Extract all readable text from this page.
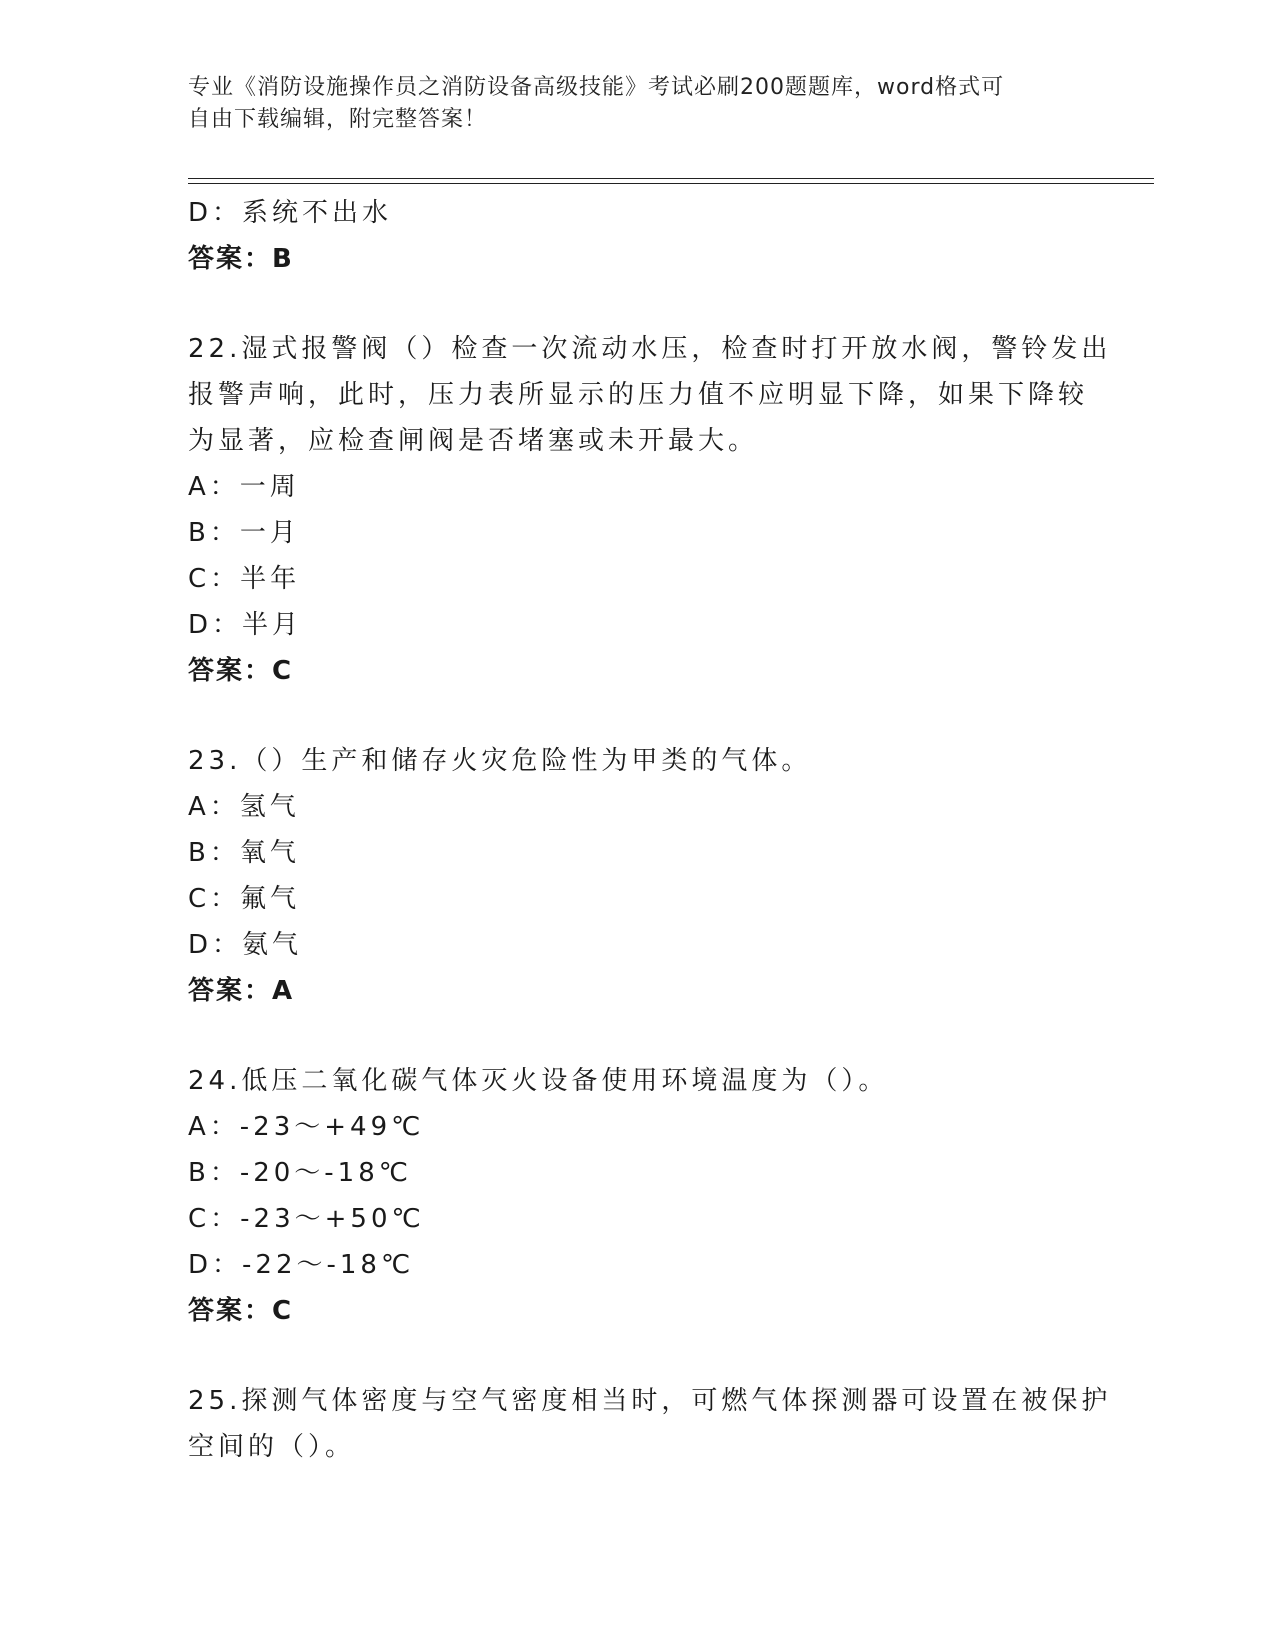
专业《消防设施操作员之消防设备高级技能》考试必刷200题题库，word格式可
自由下载编辑，附完整答案！
D：系统不出水
答案：B
22.湿式报警阀（）检查一次流动水压，检查时打开放水阀，警铃发出
报警声响，此时，压力表所显示的压力值不应明显下降，如果下降较
为显著，应检查闸阀是否堵塞或未开最大。
A：一周
B：一月
C：半年
D：半月
答案：C
23.（）生产和储存火灾危险性为甲类的气体。
A：氢气
B：氧气
C：氟气
D：氨气
答案：A
24.低压二氧化碳气体灭火设备使用环境温度为（）。
A：-23～+49℃
B：-20～-18℃
C：-23～+50℃
D：-22～-18℃
答案：C
25.探测气体密度与空气密度相当时，可燃气体探测器可设置在被保护
空间的（）。
